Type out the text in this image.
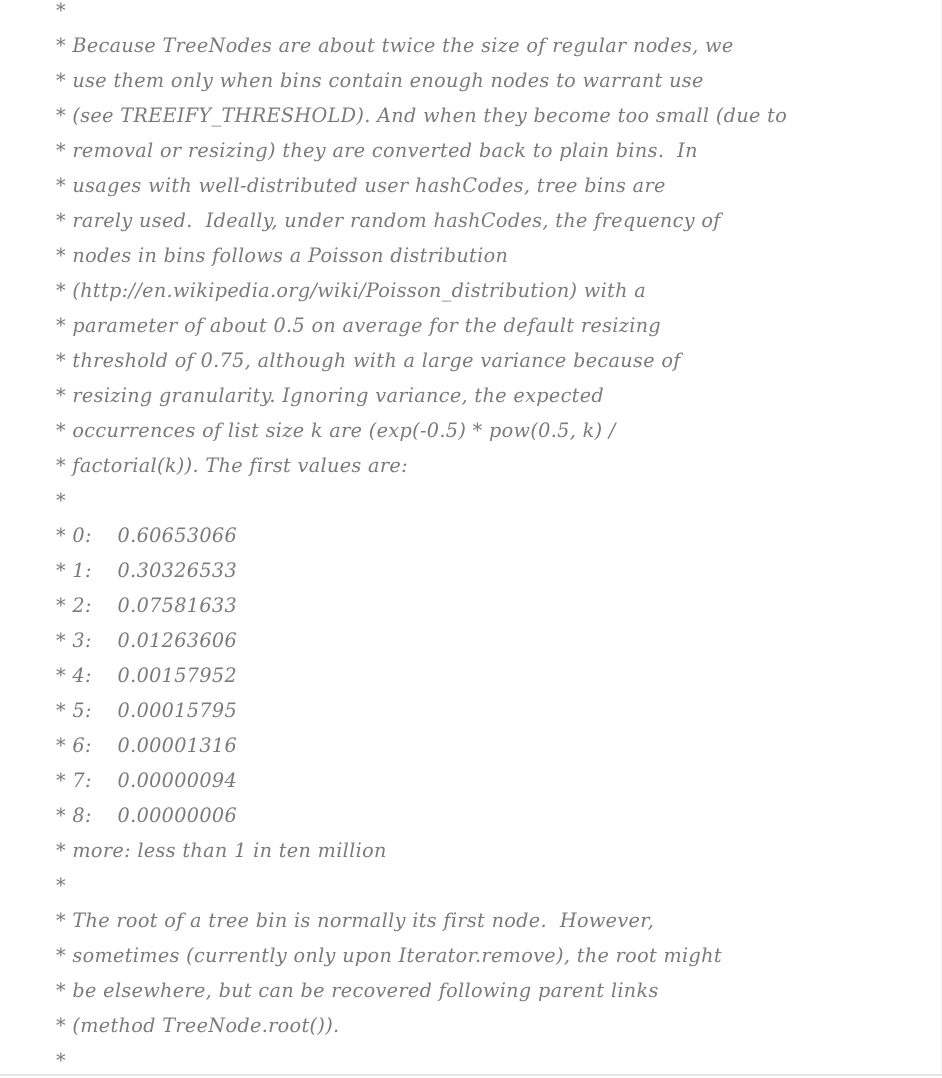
*
* Because TreeNodes are about twice the size of regular nodes, we
* use them only when bins contain enough nodes to warrant use
* (see TREEIFY_THRESHOLD). And when they become too small (due to
* removal or resizing) they are converted back to plain bins.  In
* usages with well-distributed user hashCodes, tree bins are
* rarely used.  Ideally, under random hashCodes, the frequency of
* nodes in bins follows a Poisson distribution
* (http://en.wikipedia.org/wiki/Poisson_distribution) with a
* parameter of about 0.5 on average for the default resizing
* threshold of 0.75, although with a large variance because of
* resizing granularity. Ignoring variance, the expected
* occurrences of list size k are (exp(-0.5) * pow(0.5, k) /
* factorial(k)). The first values are:
*
* 0:    0.60653066
* 1:    0.30326533
* 2:    0.07581633
* 3:    0.01263606
* 4:    0.00157952
* 5:    0.00015795
* 6:    0.00001316
* 7:    0.00000094
* 8:    0.00000006
* more: less than 1 in ten million
*
* The root of a tree bin is normally its first node.  However,
* sometimes (currently only upon Iterator.remove), the root might
* be elsewhere, but can be recovered following parent links
* (method TreeNode.root()).
*
